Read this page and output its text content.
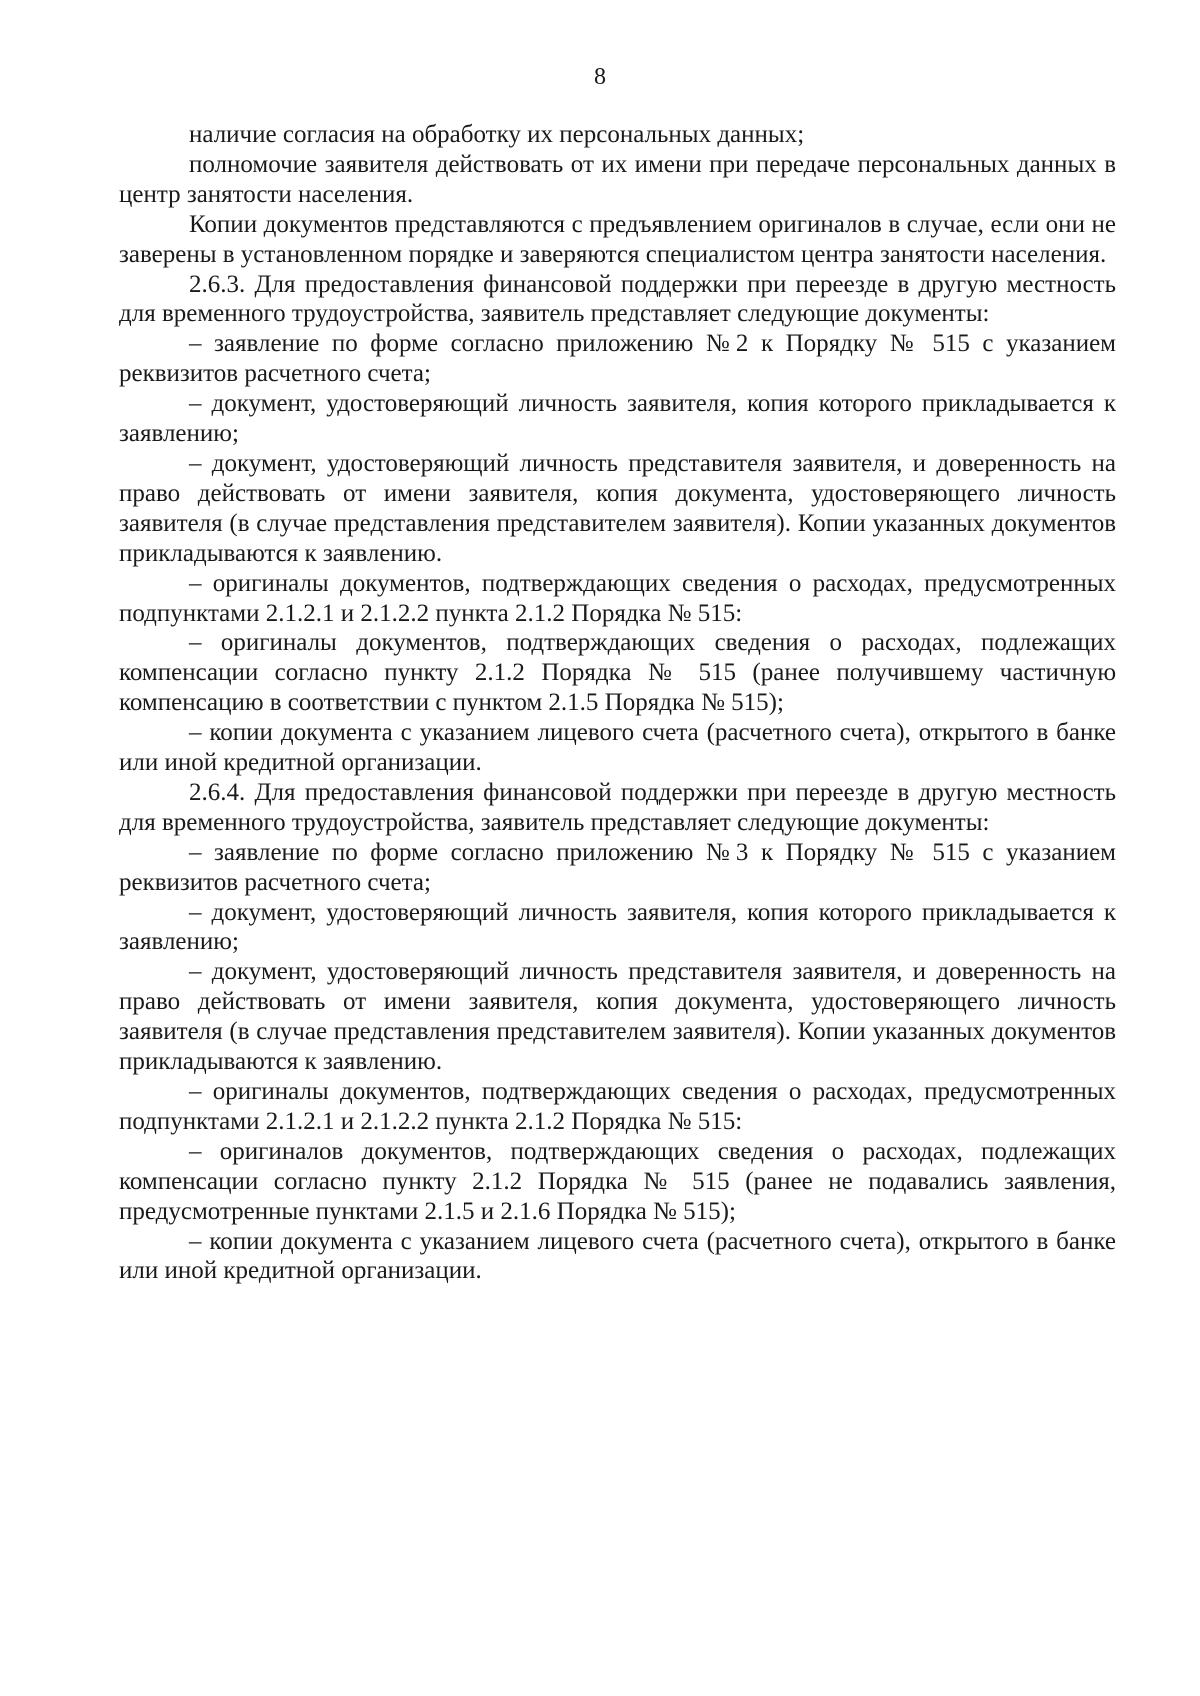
8

наличие согласия на обработку их персональных данных;

полномочие заявителя действовать от их имени при передаче персональных данных в центр занятости населения.

Копии документов представляются с предъявлением оригиналов в случае, если они не заверены в установленном порядке и заверяются специалистом центра занятости населения.

2.6.3. Для предоставления финансовой поддержки при переезде в другую местность для временного трудоустройства, заявитель представляет следующие документы:

– заявление по форме согласно приложению №2 к Порядку № 515 с указанием реквизитов расчетного счета;

– документ, удостоверяющий личность заявителя, копия которого прикладывается к заявлению;

– документ, удостоверяющий личность представителя заявителя, и доверенность на право действовать от имени заявителя, копия документа, удостоверяющего личность заявителя (в случае представления представителем заявителя). Копии указанных документов прикладываются к заявлению.

– оригиналы документов, подтверждающих сведения о расходах, предусмотренных подпунктами 2.1.2.1 и 2.1.2.2 пункта 2.1.2 Порядка № 515:

– оригиналы документов, подтверждающих сведения о расходах, подлежащих компенсации согласно пункту 2.1.2 Порядка № 515 (ранее получившему частичную компенсацию в соответствии с пунктом 2.1.5 Порядка № 515);

– копии документа с указанием лицевого счета (расчетного счета), открытого в банке или иной кредитной организации.

2.6.4. Для предоставления финансовой поддержки при переезде в другую местность для временного трудоустройства, заявитель представляет следующие документы:

– заявление по форме согласно приложению №3 к Порядку № 515 с указанием реквизитов расчетного счета;

– документ, удостоверяющий личность заявителя, копия которого прикладывается к заявлению;

– документ, удостоверяющий личность представителя заявителя, и доверенность на право действовать от имени заявителя, копия документа, удостоверяющего личность заявителя (в случае представления представителем заявителя). Копии указанных документов прикладываются к заявлению.

– оригиналы документов, подтверждающих сведения о расходах, предусмотренных подпунктами 2.1.2.1 и 2.1.2.2 пункта 2.1.2 Порядка № 515:

– оригиналов документов, подтверждающих сведения о расходах, подлежащих компенсации согласно пункту 2.1.2 Порядка № 515 (ранее не подавались заявления, предусмотренные пунктами 2.1.5 и 2.1.6 Порядка № 515);

– копии документа с указанием лицевого счета (расчетного счета), открытого в банке или иной кредитной организации.
